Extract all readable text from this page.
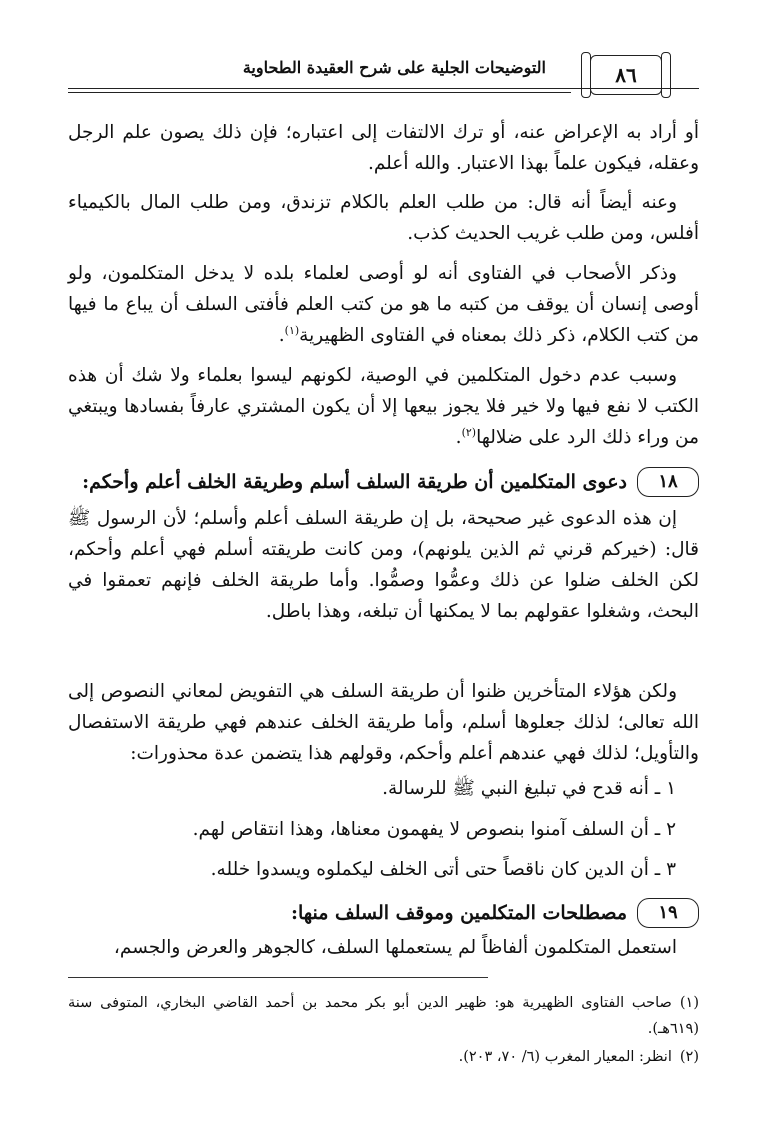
٨٦
التوضيحات الجلية على شرح العقيدة الطحاوية
أو أراد به الإعراض عنه، أو ترك الالتفات إلى اعتباره؛ فإن ذلك يصون علم الرجل وعقله، فيكون علماً بهذا الاعتبار. والله أعلم.
وعنه أيضاً أنه قال: من طلب العلم بالكلام تزندق، ومن طلب المال بالكيمياء أفلس، ومن طلب غريب الحديث كذب.
وذكر الأصحاب في الفتاوى أنه لو أوصى لعلماء بلده لا يدخل المتكلمون، ولو أوصى إنسان أن يوقف من كتبه ما هو من كتب العلم فأفتى السلف أن يباع ما فيها من كتب الكلام، ذكر ذلك بمعناه في الفتاوى الظهيرية$^{(١)}$.
وسبب عدم دخول المتكلمين في الوصية، لكونهم ليسوا بعلماء ولا شك أن هذه الكتب لا نفع فيها ولا خير فلا يجوز بيعها إلا أن يكون المشتري عارفاً بفسادها ويبتغي من وراء ذلك الرد على ضلالها$^{(٢)}$.
١٨
دعوى المتكلمين أن طريقة السلف أسلم وطريقة الخلف أعلم وأحكم:
إن هذه الدعوى غير صحيحة، بل إن طريقة السلف أعلم وأسلم؛ لأن الرسول ﷺ قال: (خيركم قرني ثم الذين يلونهم)، ومن كانت طريقته أسلم فهي أعلم وأحكم، لكن الخلف ضلوا عن ذلك وعمُّوا وصمُّوا. وأما طريقة الخلف فإنهم تعمقوا في البحث، وشغلوا عقولهم بما لا يمكنها أن تبلغه، وهذا باطل.
ولكن هؤلاء المتأخرين ظنوا أن طريقة السلف هي التفويض لمعاني النصوص إلى الله تعالى؛ لذلك جعلوها أسلم، وأما طريقة الخلف عندهم فهي طريقة الاستفصال والتأويل؛ لذلك فهي عندهم أعلم وأحكم، وقولهم هذا يتضمن عدة محذورات:
١ ـ أنه قدح في تبليغ النبي ﷺ للرسالة.
٢ ـ أن السلف آمنوا بنصوص لا يفهمون معناها، وهذا انتقاص لهم.
٣ ـ أن الدين كان ناقصاً حتى أتى الخلف ليكملوه ويسدوا خلله.
١٩
مصطلحات المتكلمين وموقف السلف منها:
استعمل المتكلمون ألفاظاً لم يستعملها السلف، كالجوهر والعرض والجسم،
(١)صاحب الفتاوى الظهيرية هو: ظهير الدين أبو بكر محمد بن أحمد القاضي البخاري، المتوفى سنة (٦١٩هـ).
(٢)انظر: المعيار المغرب (٦/ ٧٠، ٢٠٣).
